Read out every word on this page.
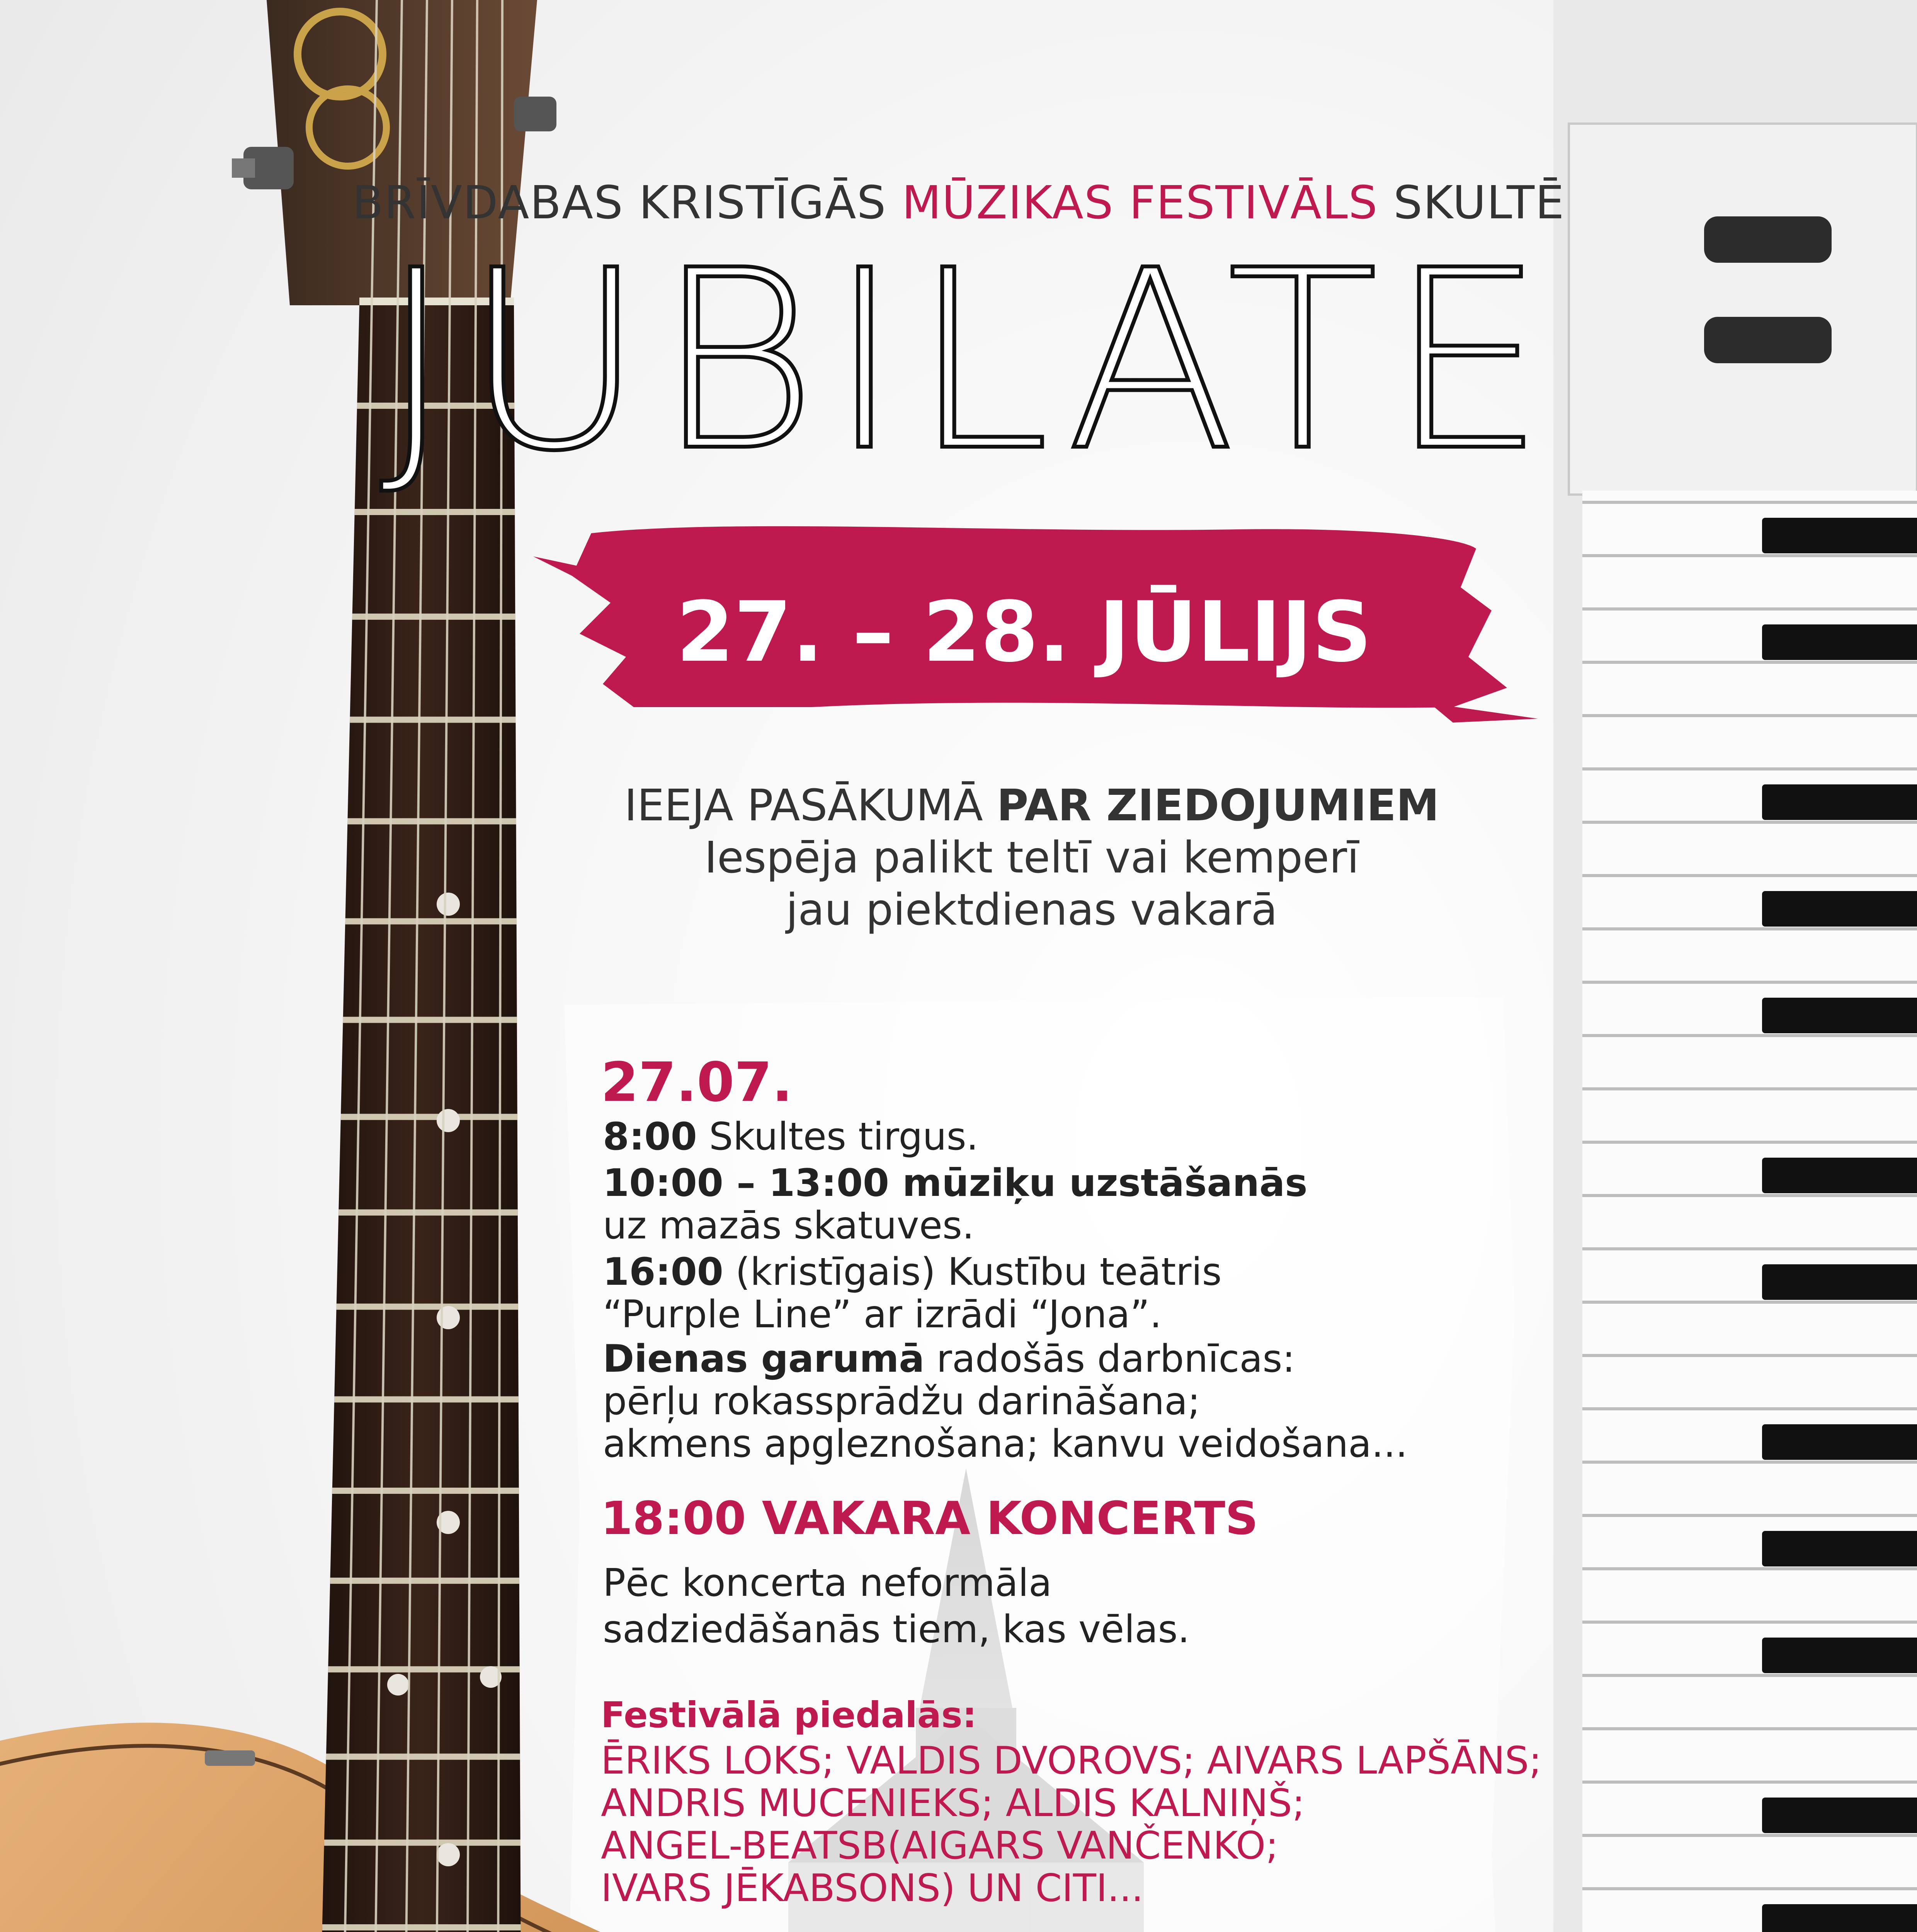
BRĪVDABAS KRISTĪGĀS MŪZIKAS FESTIVĀLS SKULTĒ
JUBILATE
27. – 28. JŪLIJS
IEEJA PASĀKUMĀ PAR ZIEDOJUMIEM
Iespēja palikt teltī vai kemperī
jau piektdienas vakarā
27.07.
8:00 Skultes tirgus.
10:00 – 13:00 mūziķu uzstāšanās
uz mazās skatuves.
16:00 (kristīgais) Kustību teātris
“Purple Line” ar izrādi “Jona”.
Dienas garumā radošās darbnīcas:
pērļu rokassprādžu darināšana;
akmens apgleznošana; kanvu veidošana...
18:00 VAKARA KONCERTS
Pēc koncerta neformāla
sadziedāšanās tiem, kas vēlas.
Festivālā piedalās:
ĒRIKS LOKS; VALDIS DVOROVS; AIVARS LAPŠĀNS;
ANDRIS MUCENIEKS; ALDIS KALNIŅŠ;
ANGEL-BEATSB(AIGARS VANČENKO;
IVARS JĒKABSONS) UN CITI...
